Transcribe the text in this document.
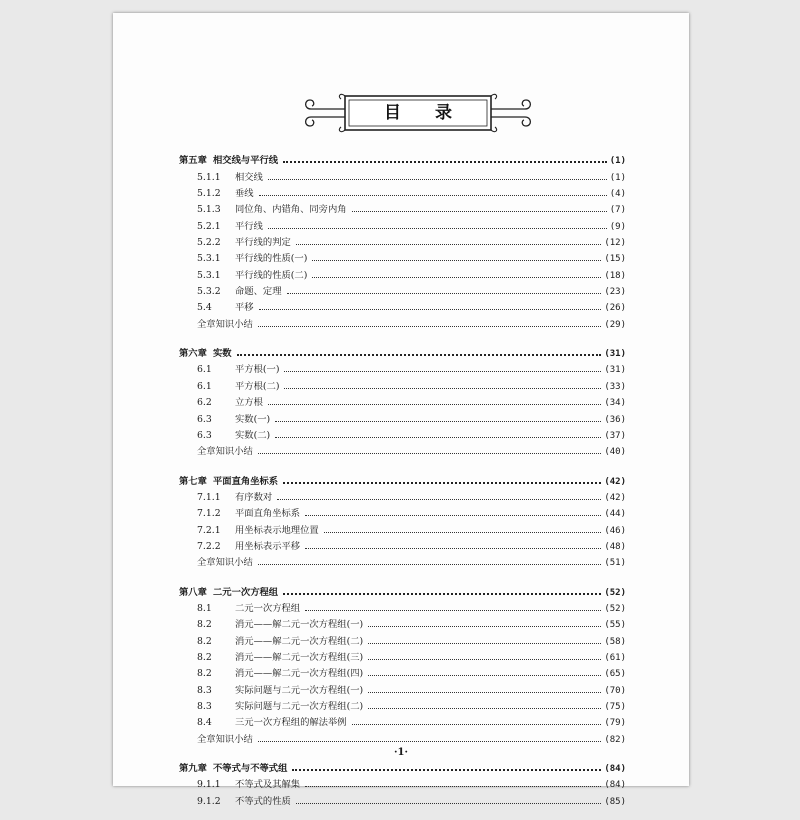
目 录
第五章 相交线与平行线	(1)
5.1.1	相交线	(1)
5.1.2	垂线	(4)
5.1.3	同位角、内错角、同旁内角	(7)
5.2.1	平行线	(9)
5.2.2	平行线的判定	(12)
5.3.1	平行线的性质(一)	(15)
5.3.1	平行线的性质(二)	(18)
5.3.2	命题、定理	(23)
5.4	平移	(26)
全章知识小结	(29)
第六章 实数	(31)
6.1	平方根(一)	(31)
6.1	平方根(二)	(33)
6.2	立方根	(34)
6.3	实数(一)	(36)
6.3	实数(二)	(37)
全章知识小结	(40)
第七章 平面直角坐标系	(42)
7.1.1	有序数对	(42)
7.1.2	平面直角坐标系	(44)
7.2.1	用坐标表示地理位置	(46)
7.2.2	用坐标表示平移	(48)
全章知识小结	(51)
第八章 二元一次方程组	(52)
8.1	二元一次方程组	(52)
8.2	消元——解二元一次方程组(一)	(55)
8.2	消元——解二元一次方程组(二)	(58)
8.2	消元——解二元一次方程组(三)	(61)
8.2	消元——解二元一次方程组(四)	(65)
8.3	实际问题与二元一次方程组(一)	(70)
8.3	实际问题与二元一次方程组(二)	(75)
8.4	三元一次方程组的解法举例	(79)
全章知识小结	(82)
第九章 不等式与不等式组	(84)
9.1.1	不等式及其解集	(84)
9.1.2	不等式的性质	(85)
·1·
